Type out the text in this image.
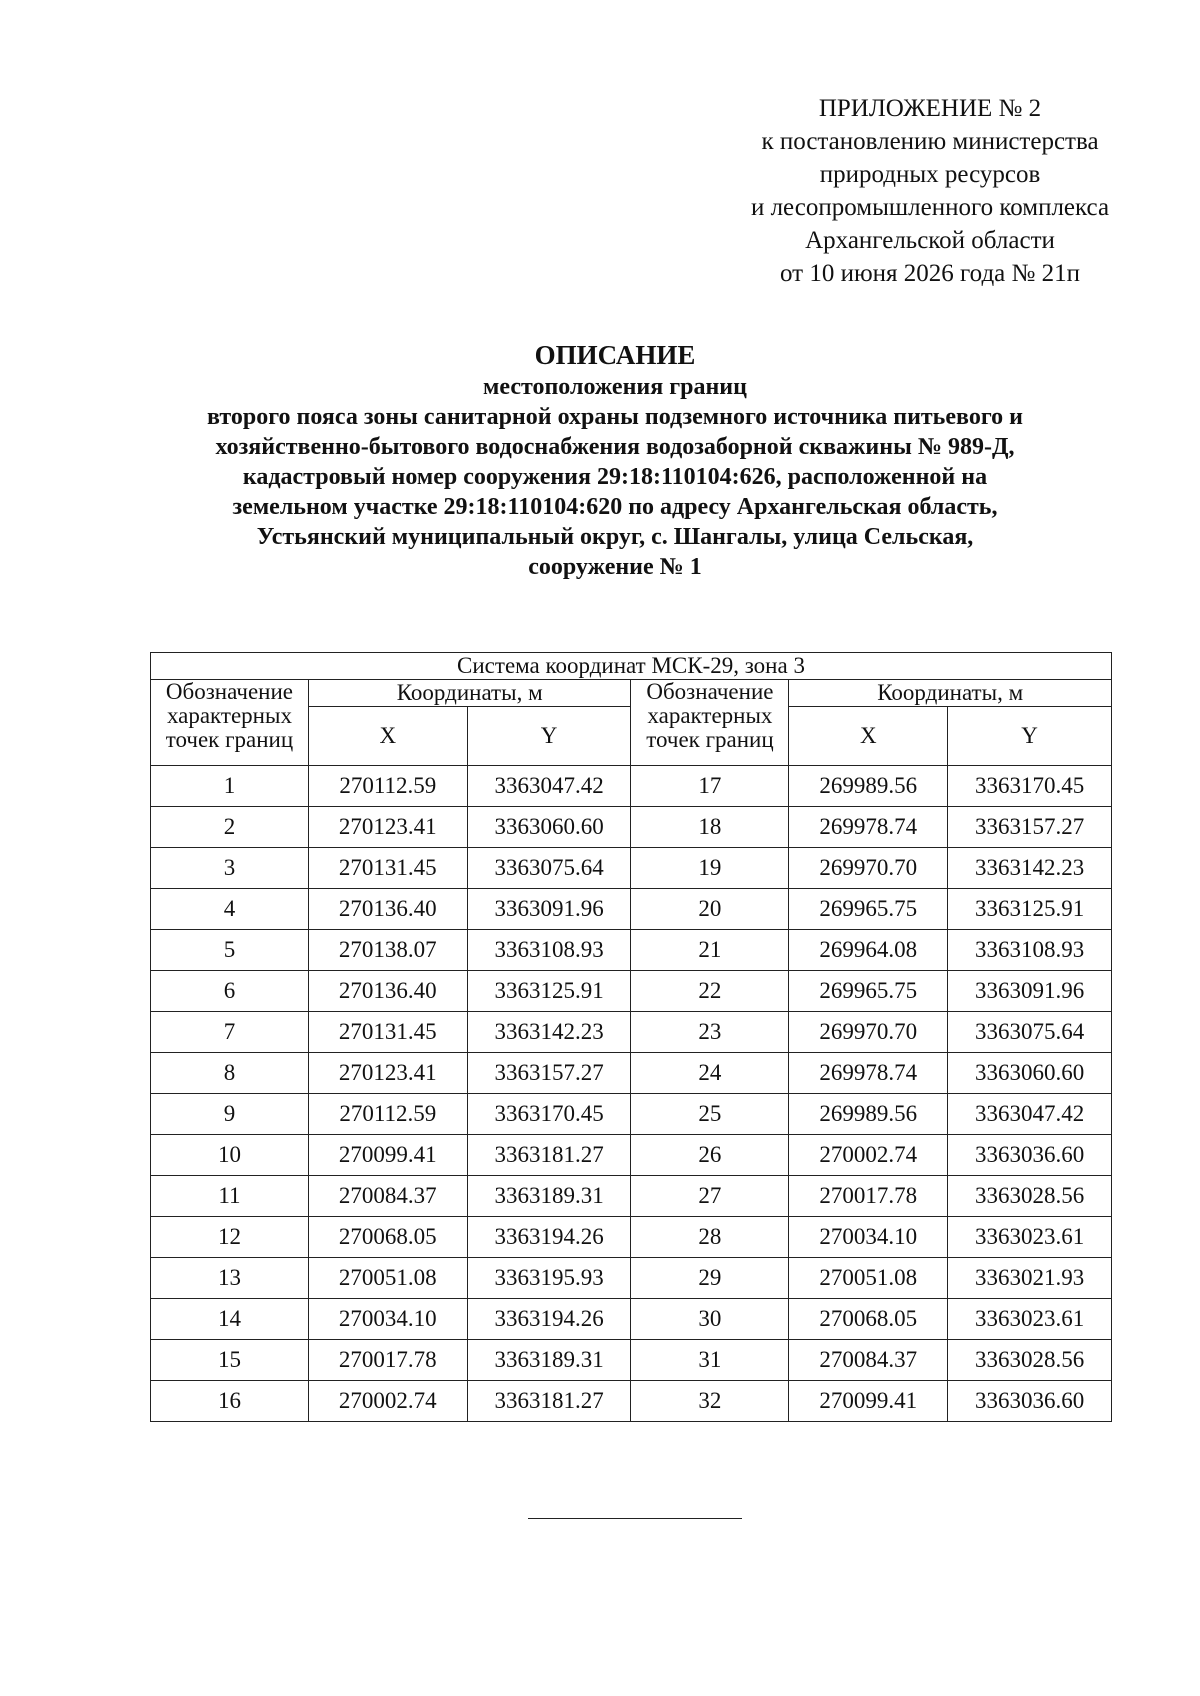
ПРИЛОЖЕНИЕ № 2
к постановлению министерства
природных ресурсов
и лесопромышленного комплекса
Архангельской области
от 10 июня 2026 года № 21п
ОПИСАНИЕ
местоположения границ
второго пояса зоны санитарной охраны подземного источника питьевого и
хозяйственно-бытового водоснабжения водозаборной скважины № 989-Д,
кадастровый номер сооружения 29:18:110104:626, расположенной на
земельном участке 29:18:110104:620 по адресу Архангельская область,
Устьянский муниципальный округ, с. Шангалы, улица Сельская,
сооружение № 1
Система координат МСК-29, зона 3					
Обозначение характерных точек границ	Координаты, м		Обозначение характерных точек границ	Координаты, м	
	X	Y		X	Y
1	270112.59	3363047.42	17	269989.56	3363170.45
2	270123.41	3363060.60	18	269978.74	3363157.27
3	270131.45	3363075.64	19	269970.70	3363142.23
4	270136.40	3363091.96	20	269965.75	3363125.91
5	270138.07	3363108.93	21	269964.08	3363108.93
6	270136.40	3363125.91	22	269965.75	3363091.96
7	270131.45	3363142.23	23	269970.70	3363075.64
8	270123.41	3363157.27	24	269978.74	3363060.60
9	270112.59	3363170.45	25	269989.56	3363047.42
10	270099.41	3363181.27	26	270002.74	3363036.60
11	270084.37	3363189.31	27	270017.78	3363028.56
12	270068.05	3363194.26	28	270034.10	3363023.61
13	270051.08	3363195.93	29	270051.08	3363021.93
14	270034.10	3363194.26	30	270068.05	3363023.61
15	270017.78	3363189.31	31	270084.37	3363028.56
16	270002.74	3363181.27	32	270099.41	3363036.60
